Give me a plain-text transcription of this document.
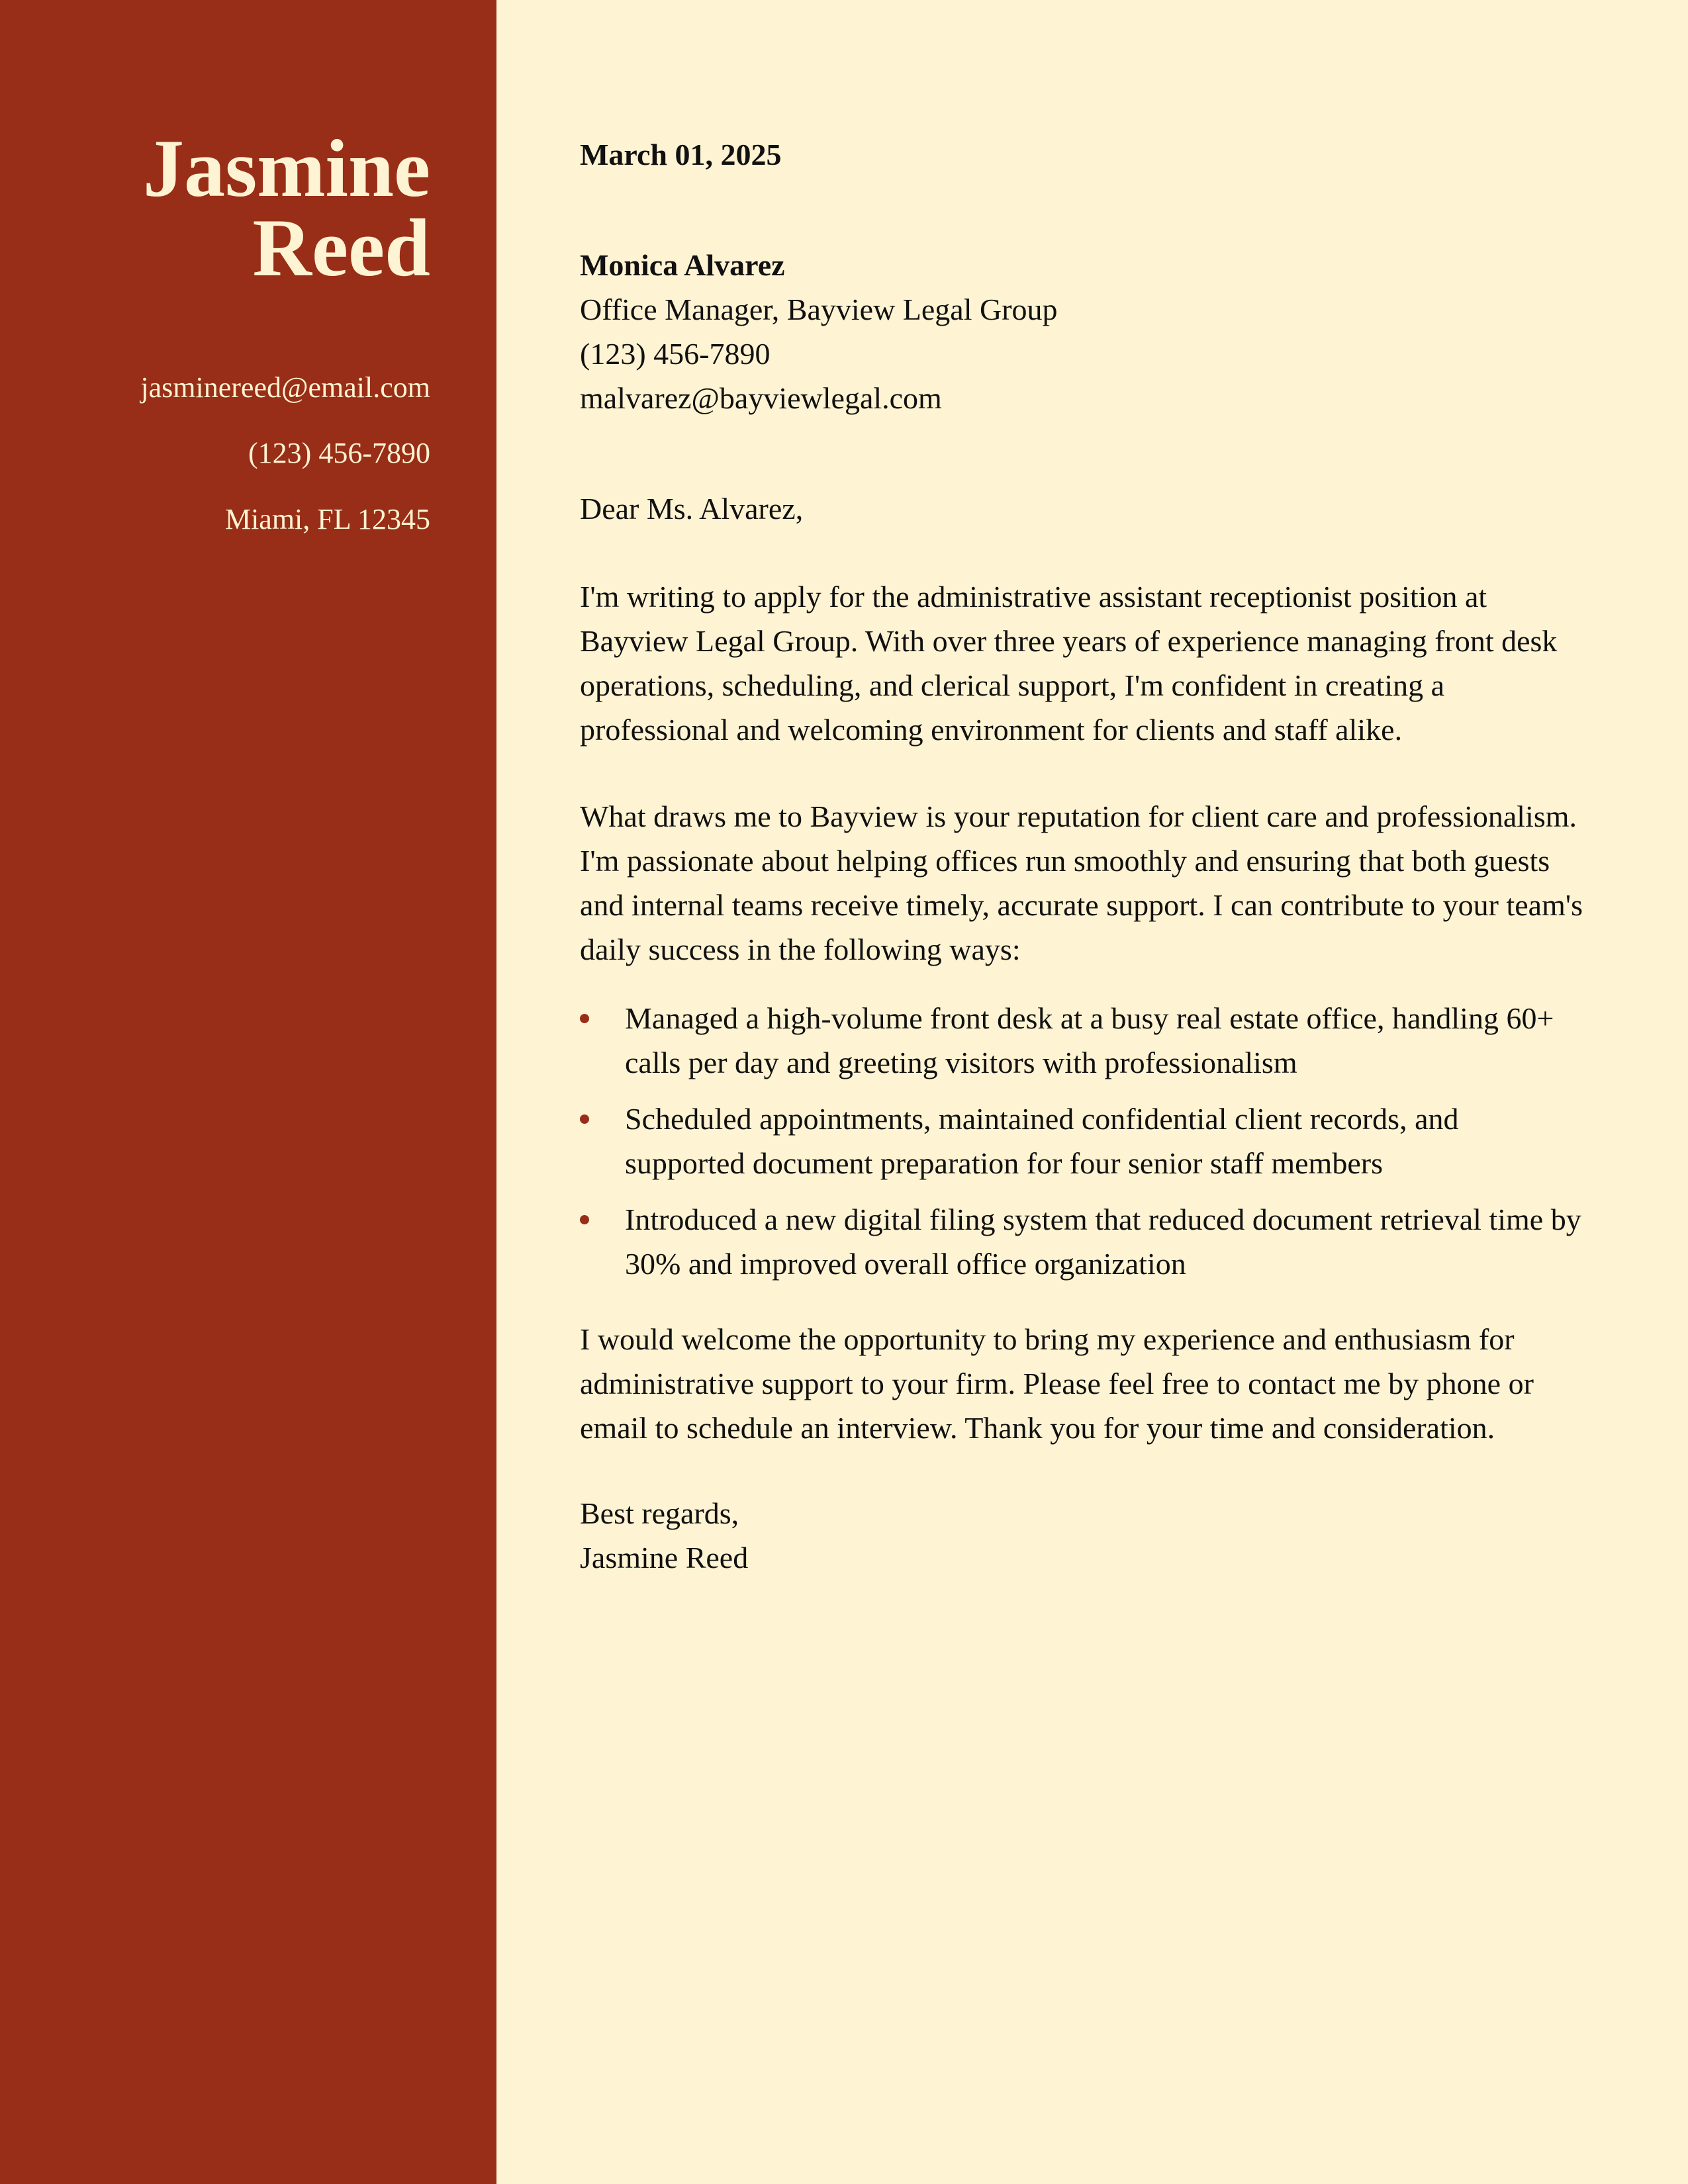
Jasmine
Reed
jasminereed@email.com
(123) 456-7890
Miami, FL 12345
March 01, 2025
Monica Alvarez
Office Manager, Bayview Legal Group
(123) 456-7890
malvarez@bayviewlegal.com
Dear Ms. Alvarez,

I'm writing to apply for the administrative assistant receptionist position at Bayview Legal Group. With over three years of experience managing front desk operations, scheduling, and clerical support, I'm confident in creating a professional and welcoming environment for clients and staff alike.

What draws me to Bayview is your reputation for client care and professionalism. I'm passionate about helping offices run smoothly and ensuring that both guests and internal teams receive timely, accurate support. I can contribute to your team's daily success in the following ways:

Managed a high-volume front desk at a busy real estate office, handling 60+ calls per day and greeting visitors with professionalism
Scheduled appointments, maintained confidential client records, and supported document preparation for four senior staff members
Introduced a new digital filing system that reduced document retrieval time by 30% and improved overall office organization

I would welcome the opportunity to bring my experience and enthusiasm for administrative support to your firm. Please feel free to contact me by phone or email to schedule an interview. Thank you for your time and consideration.

Best regards,
Jasmine Reed
